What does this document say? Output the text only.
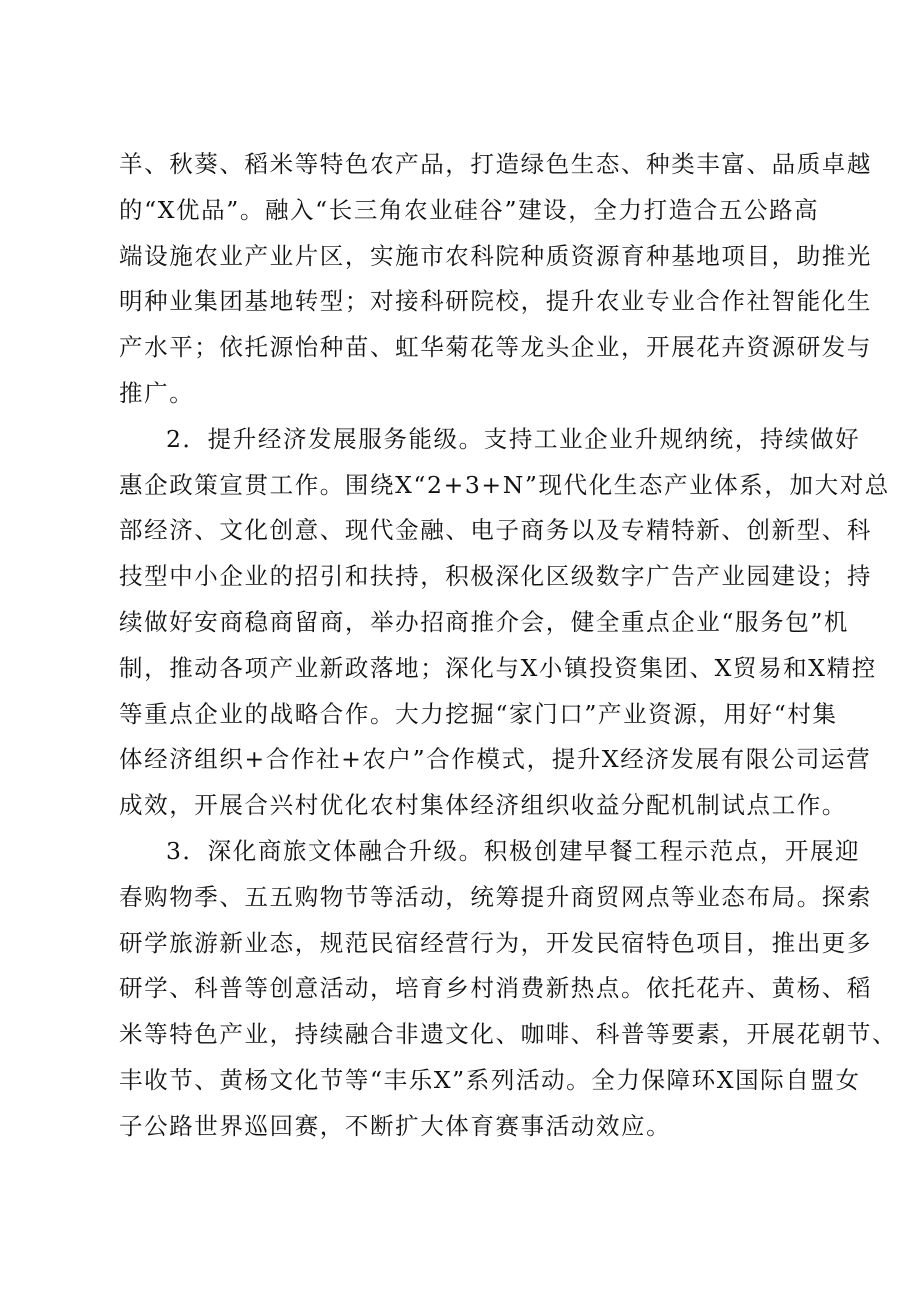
羊、秋葵、稻米等特色农产品，打造绿色生态、种类丰富、品质卓越
的“X优品”。融入“长三角农业硅谷”建设，全力打造合五公路高
端设施农业产业片区，实施市农科院种质资源育种基地项目，助推光
明种业集团基地转型；对接科研院校，提升农业专业合作社智能化生
产水平；依托源怡种苗、虹华菊花等龙头企业，开展花卉资源研发与
推广。
2．提升经济发展服务能级。支持工业企业升规纳统，持续做好
惠企政策宣贯工作。围绕X“2+3+N”现代化生态产业体系，加大对总
部经济、文化创意、现代金融、电子商务以及专精特新、创新型、科
技型中小企业的招引和扶持，积极深化区级数字广告产业园建设；持
续做好安商稳商留商，举办招商推介会，健全重点企业“服务包”机
制，推动各项产业新政落地；深化与X小镇投资集团、X贸易和X精控
等重点企业的战略合作。大力挖掘“家门口”产业资源，用好“村集
体经济组织+合作社+农户”合作模式，提升X经济发展有限公司运营
成效，开展合兴村优化农村集体经济组织收益分配机制试点工作。
3．深化商旅文体融合升级。积极创建早餐工程示范点，开展迎
春购物季、五五购物节等活动，统筹提升商贸网点等业态布局。探索
研学旅游新业态，规范民宿经营行为，开发民宿特色项目，推出更多
研学、科普等创意活动，培育乡村消费新热点。依托花卉、黄杨、稻
米等特色产业，持续融合非遗文化、咖啡、科普等要素，开展花朝节、
丰收节、黄杨文化节等“丰乐X”系列活动。全力保障环X国际自盟女
子公路世界巡回赛，不断扩大体育赛事活动效应。
